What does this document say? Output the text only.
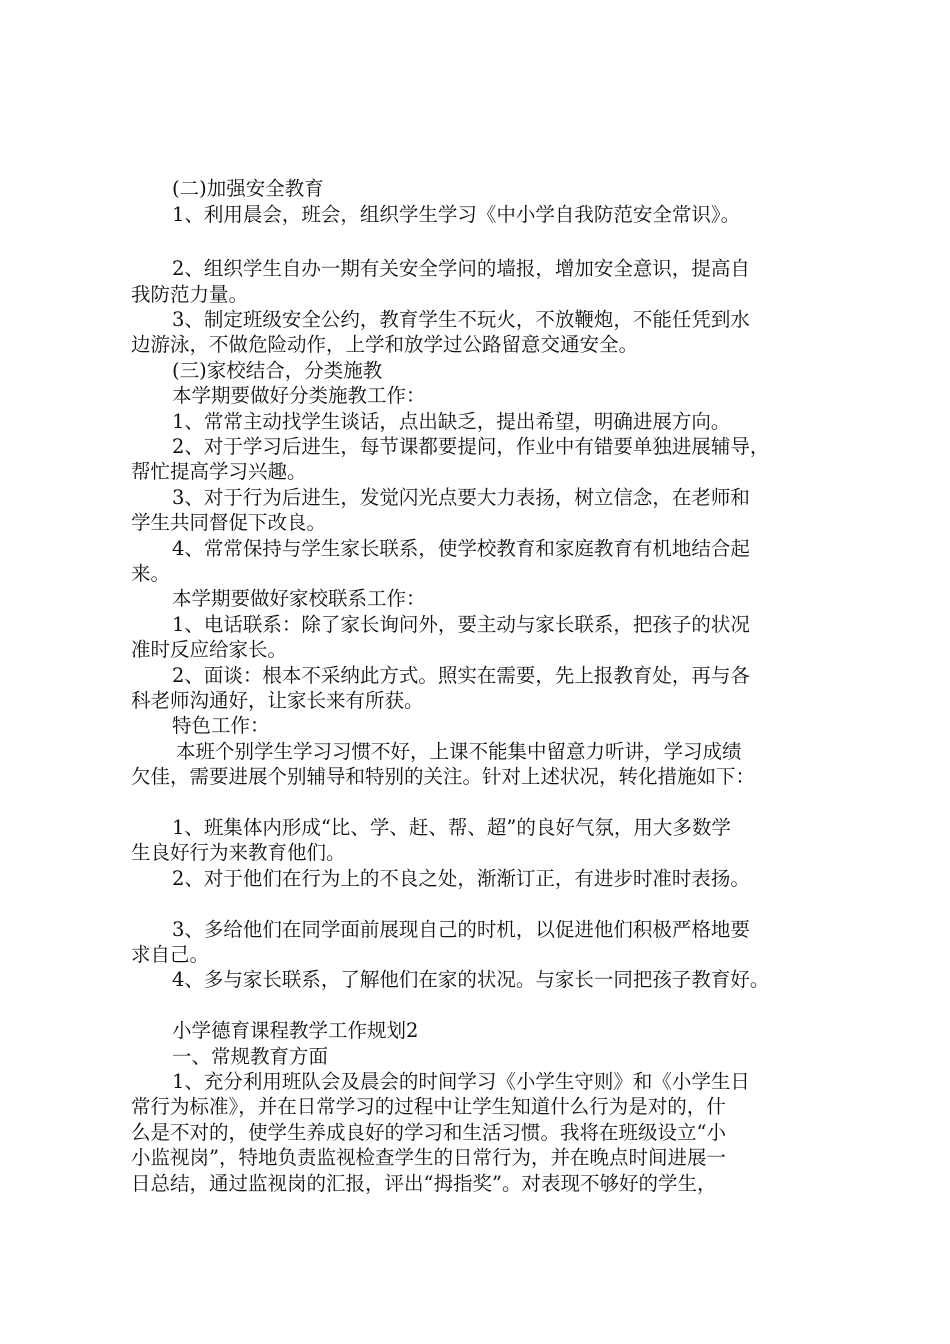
(二)加强安全教育
1、利用晨会，班会，组织学生学习《中小学自我防范安全常识》。
2、组织学生自办一期有关安全学问的墙报，增加安全意识，提高自
我防范力量。
3、制定班级安全公约，教育学生不玩火，不放鞭炮，不能任凭到水
边游泳，不做危险动作，上学和放学过公路留意交通安全。
(三)家校结合，分类施教
本学期要做好分类施教工作：
1、常常主动找学生谈话，点出缺乏，提出希望，明确进展方向。
2、对于学习后进生，每节课都要提问，作业中有错要单独进展辅导，
帮忙提高学习兴趣。
3、对于行为后进生，发觉闪光点要大力表扬，树立信念，在老师和
学生共同督促下改良。
4、常常保持与学生家长联系，使学校教育和家庭教育有机地结合起
来。
本学期要做好家校联系工作：
1、电话联系：除了家长询问外，要主动与家长联系，把孩子的状况
准时反应给家长。
2、面谈：根本不采纳此方式。照实在需要，先上报教育处，再与各
科老师沟通好，让家长来有所获。
特色工作：
本班个别学生学习习惯不好，上课不能集中留意力听讲，学习成绩
欠佳，需要进展个别辅导和特别的关注。针对上述状况，转化措施如下：
1、班集体内形成“比、学、赶、帮、超”的良好气氛，用大多数学
生良好行为来教育他们。
2、对于他们在行为上的不良之处，渐渐订正，有进步时准时表扬。
3、多给他们在同学面前展现自己的时机，以促进他们积极严格地要
求自己。
4、多与家长联系，了解他们在家的状况。与家长一同把孩子教育好。
小学德育课程教学工作规划2
一、常规教育方面
1、充分利用班队会及晨会的时间学习《小学生守则》和《小学生日
常行为标准》，并在日常学习的过程中让学生知道什么行为是对的，什
么是不对的，使学生养成良好的学习和生活习惯。我将在班级设立“小
小监视岗”，特地负责监视检查学生的日常行为，并在晚点时间进展一
日总结，通过监视岗的汇报，评出“拇指奖”。对表现不够好的学生，
